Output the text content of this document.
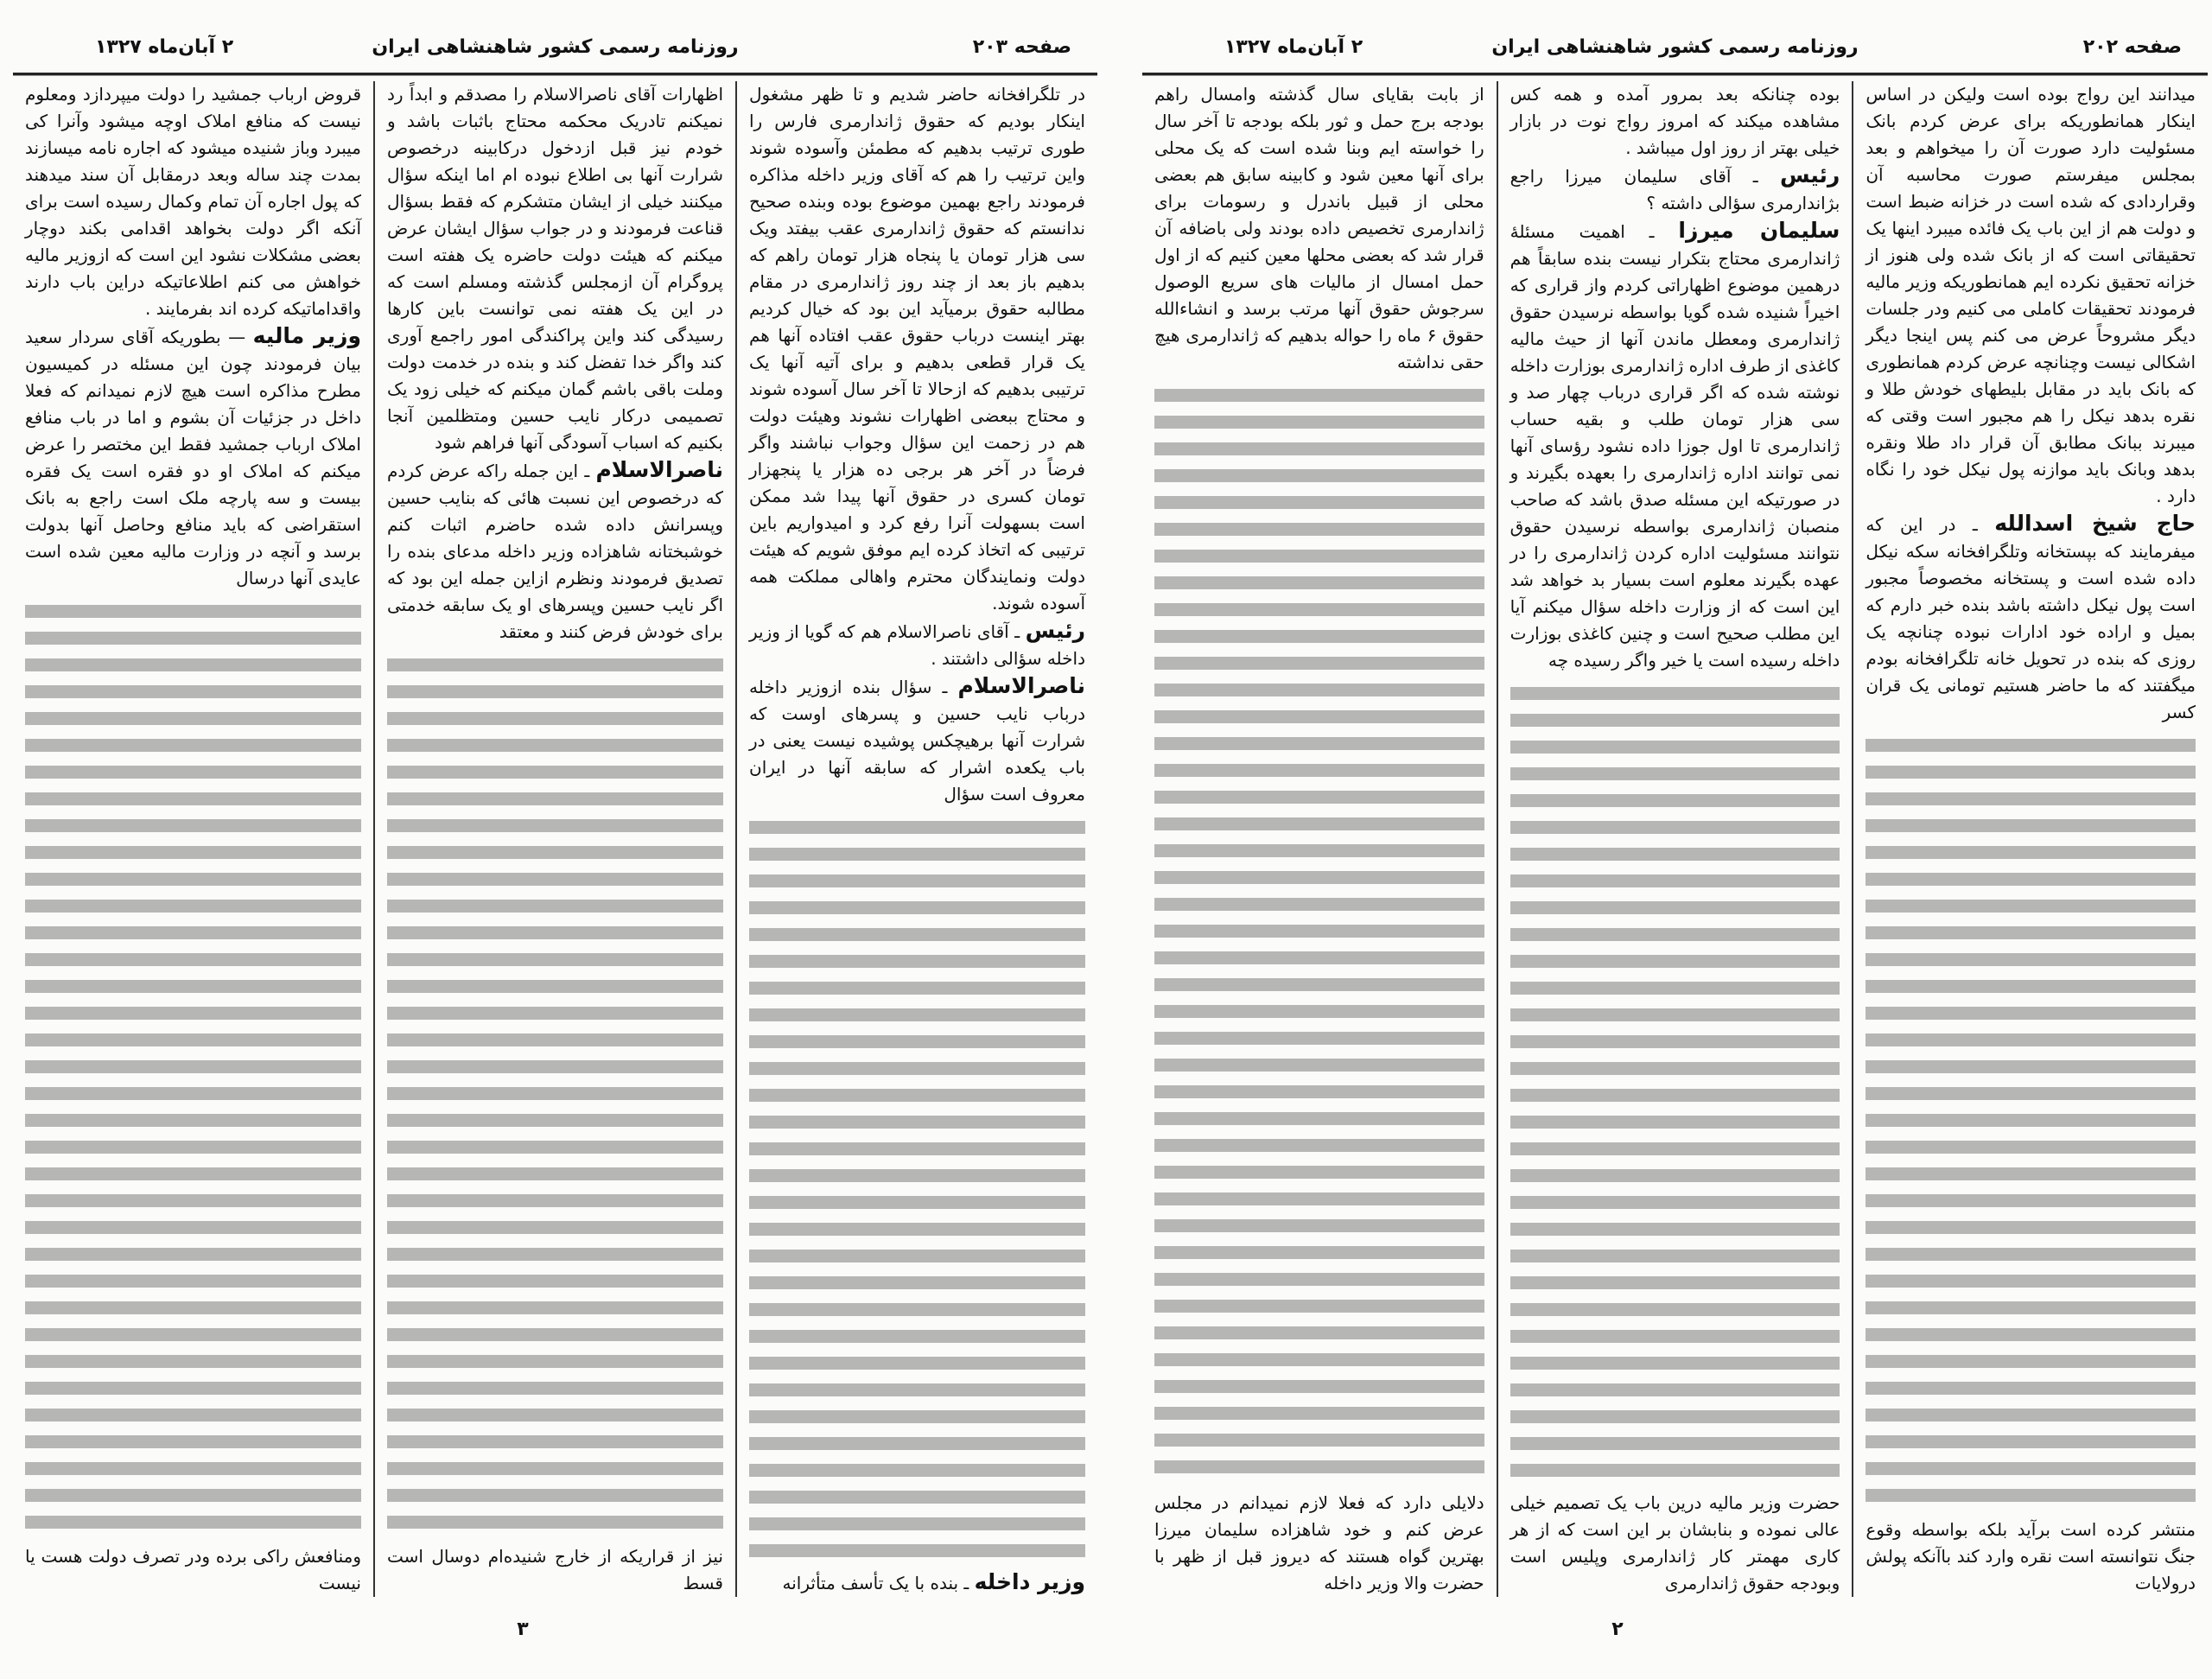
۲ آبان‌ماه ۱۳۲۷	روزنامه رسمی کشور شاهنشاهی ایران	صفحه ۲۰۳

در تلگرافخانه حاضر شدیم و تا ظهر مشغول اینکار بودیم که حقوق ژاندارمری فارس را طوری ترتیب بدهیم که مطمئن وآسوده شوند واین ترتیب را هم که آقای وزیر داخله مذاکره فرمودند راجع بهمین موضوع بوده وبنده صحیح ندانستم که حقوق ژاندارمری عقب بیفتد ویک سی هزار تومان یا پنجاه هزار تومان راهم که بدهیم باز بعد از چند روز ژاندارمری در مقام مطالبه حقوق برمیآید این بود که خیال کردیم بهتر اینست درباب حقوق عقب افتاده آنها هم یک قرار قطعی بدهیم و برای آتیه آنها یک ترتیبی بدهیم که ازحالا تا آخر سال آسوده شوند و محتاج ببعضی اظهارات نشوند وهیئت دولت هم در زحمت این سؤال وجواب نباشند واگر فرضاً در آخر هر برجی ده هزار یا پنجهزار تومان کسری در حقوق آنها پیدا شد ممکن است بسهولت آنرا رفع کرد و امیدواریم باین ترتیبی که اتخاذ کرده ایم موفق شویم که هیئت دولت ونمایندگان محترم واهالی مملکت همه آسوده شوند.

رئیس ـ آقای ناصرالاسلام هم که گویا از وزیر داخله سؤالی داشتند .

ناصرالاسلام ـ سؤال بنده ازوزیر داخله درباب نایب حسین و پسرهای اوست که شرارت آنها برهیچکس پوشیده نیست یعنی در باب یکعده اشرار که سابقه آنها در ایران معروف است سؤال

وزیر داخله ـ بنده با یک تأسف متأثرانه

اظهارات آقای ناصرالاسلام را مصدقم و ابداً رد نمیکنم تادریک محکمه محتاج باثبات باشد و خودم نیز قبل ازدخول درکابینه درخصوص شرارت آنها بی اطلاع نبوده ام اما اینکه سؤال میکنند خیلی از ایشان متشکرم که فقط بسؤال قناعت فرمودند و در جواب سؤال ایشان عرض میکنم که هیئت دولت حاضره یک هفته است پروگرام آن ازمجلس گذشته ومسلم است که در این یک هفته نمی توانست باین کارها رسیدگی کند واین پراکندگی امور راجمع آوری کند واگر خدا تفضل کند و بنده در خدمت دولت وملت باقی باشم گمان میکنم که خیلی زود یک تصمیمی درکار نایب حسین ومتظلمین آنجا بکنیم که اسباب آسودگی آنها فراهم شود

ناصرالاسلام ـ این جمله راکه عرض کردم که درخصوص این نسبت هائی که بنایب حسین وپسرانش داده شده حاضرم اثبات کنم خوشبختانه شاهزاده وزیر داخله مدعای بنده را تصدیق فرمودند ونظرم ازاین جمله این بود که اگر نایب حسین وپسرهای او یک سابقه خدمتی برای خودش فرض کنند و معتقد

نیز از قراریکه از خارج شنیده‌ام دوسال است قسط

قروض ارباب جمشید را دولت میپردازد ومعلوم نیست که منافع املاک اوچه میشود وآنرا کی میبرد وباز شنیده میشود که اجاره نامه میسازند بمدت چند ساله وبعد درمقابل آن سند میدهند که پول اجاره آن تمام وکمال رسیده است برای آنکه اگر دولت بخواهد اقدامی بکند دوچار بعضی مشکلات نشود این است که ازوزیر مالیه خواهش می کنم اطلاعاتیکه دراین باب دارند واقداماتیکه کرده اند بفرمایند .

وزیر مالیه — بطوریکه آقای سردار سعید بیان فرمودند چون این مسئله در کمیسیون مطرح مذاکره است هیچ لازم نمیدانم که فعلا داخل در جزئیات آن بشوم و اما در باب منافع املاک ارباب جمشید فقط این مختصر را عرض میکنم که املاک او دو فقره است یک فقره بیست و سه پارچه ملک است راجع به بانک استقراضی که باید منافع وحاصل آنها بدولت برسد و آنچه در وزارت مالیه معین شده است عایدی آنها درسال

ومنافعش راکی برده ودر تصرف دولت هست یا نیست

۳
۲ آبان‌ماه ۱۳۲۷	روزنامه رسمی کشور شاهنشاهی ایران	صفحه ۲۰۲

میدانند این رواج بوده است ولیکن در اساس اینکار همانطوریکه برای عرض کردم بانک مسئولیت دارد صورت آن را میخواهم و بعد بمجلس میفرستم صورت محاسبه آن وقراردادی که شده است در خزانه ضبط است و دولت هم از این باب یک فائده میبرد اینها یک تحقیقاتی است که از بانک شده ولی هنوز از خزانه تحقیق نکرده ایم همانطوریکه وزیر مالیه فرمودند تحقیقات کاملی می کنیم ودر جلسات دیگر مشروحاً عرض می کنم پس اینجا دیگر اشکالی نیست وچنانچه عرض کردم همانطوری که بانک باید در مقابل بلیطهای خودش طلا و نقره بدهد نیکل را هم مجبور است وقتی که میبرند ببانک مطابق آن قرار داد طلا ونقره بدهد وبانک باید موازنه پول نیکل خود را نگاه دارد .

حاج شیخ اسدالله ـ در این که میفرمایند که بپستخانه وتلگرافخانه سکه نیکل داده شده است و پستخانه مخصوصاً مجبور است پول نیکل داشته باشد بنده خبر دارم که بمیل و اراده خود ادارات نبوده چنانچه یک روزی که بنده در تحویل خانه تلگرافخانه بودم میگفتند که ما حاضر هستیم تومانی یک قران کسر

منتشر کرده است برآید بلکه بواسطه وقوع جنگ نتوانسته است نقره وارد کند باآنکه پولش درولایات

بوده چنانکه بعد بمرور آمده و همه کس مشاهده میکند که امروز رواج نوت در بازار خیلی بهتر از روز اول میباشد .

رئیس ـ آقای سلیمان میرزا راجع بژاندارمری سؤالی داشته ؟

سلیمان میرزا ـ اهمیت مسئلهٔ ژاندارمری محتاج بتکرار نیست بنده سابقاً هم درهمین موضوع اظهاراتی کردم واز قراری که اخیراً شنیده شده گویا بواسطه نرسیدن حقوق ژاندارمری ومعطل ماندن آنها از حیث مالیه کاغذی از طرف اداره ژاندارمری بوزارت داخله نوشته شده که اگر قراری درباب چهار صد و سی هزار تومان طلب و بقیه حساب ژاندارمری تا اول جوزا داده نشود رؤسای آنها نمی توانند اداره ژاندارمری را بعهده بگیرند و در صورتیکه این مسئله صدق باشد که صاحب منصبان ژاندارمری بواسطه نرسیدن حقوق نتوانند مسئولیت اداره کردن ژاندارمری را در عهده بگیرند معلوم است بسیار بد خواهد شد این است که از وزارت داخله سؤال میکنم آیا این مطلب صحیح است و چنین کاغذی بوزارت داخله رسیده است یا خیر واگر رسیده چه

حضرت وزیر مالیه درین باب یک تصمیم خیلی عالی نموده و بنابشان بر این است که از هر کاری مهمتر کار ژاندارمری وپلیس است وبودجه حقوق ژاندارمری

از بابت بقایای سال گذشته وامسال راهم بودجه برج حمل و ثور بلکه بودجه تا آخر سال را خواسته ایم وبنا شده است که یک محلی برای آنها معین شود و کابینه سابق هم بعضی محلی از قبیل باندرل و رسومات برای ژاندارمری تخصیص داده بودند ولی باضافه آن قرار شد که بعضی محلها معین کنیم که از اول حمل امسال از مالیات های سریع الوصول سرجوش حقوق آنها مرتب برسد و انشاءالله حقوق ۶ ماه را حواله بدهیم که ژاندارمری هیچ حقی نداشته

دلایلی دارد که فعلا لازم نمیدانم در مجلس عرض کنم و خود شاهزاده سلیمان میرزا بهترین گواه هستند که دیروز قبل از ظهر با حضرت والا وزیر داخله

۲
